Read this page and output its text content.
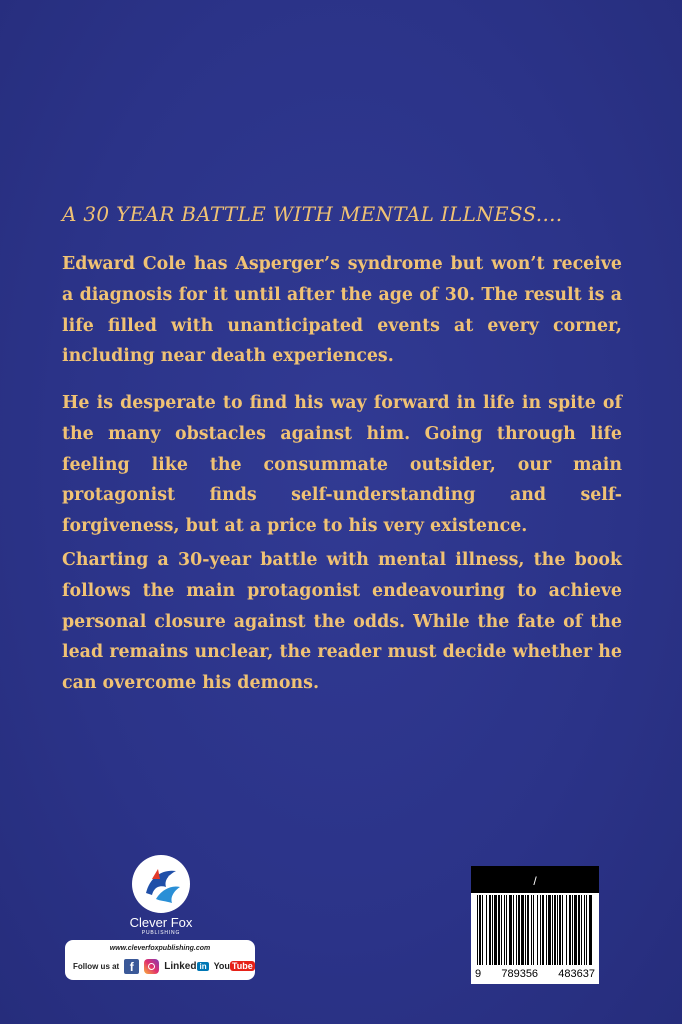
A 30 YEAR BATTLE WITH MENTAL ILLNESS....

Edward Cole has Asperger’s syndrome but won’t receive a diagnosis for it until after the age of 30. The result is a life filled with unanticipated events at every corner, including near death experiences.

He is desperate to find his way forward in life in spite of the many obstacles against him. Going through life feeling like the consummate outsider, our main protagonist finds self-understanding and self-forgiveness, but at a price to his very existence.

Charting a 30-year battle with mental illness, the book follows the main protagonist endeavouring to achieve personal closure against the odds. While the fate of the lead remains unclear, the reader must decide whether he can overcome his demons.

Clever Fox
PUBLISHING
www.cleverfoxpublishing.com
Follow us at f	Linked in You Tube
/
9 789356 483637
